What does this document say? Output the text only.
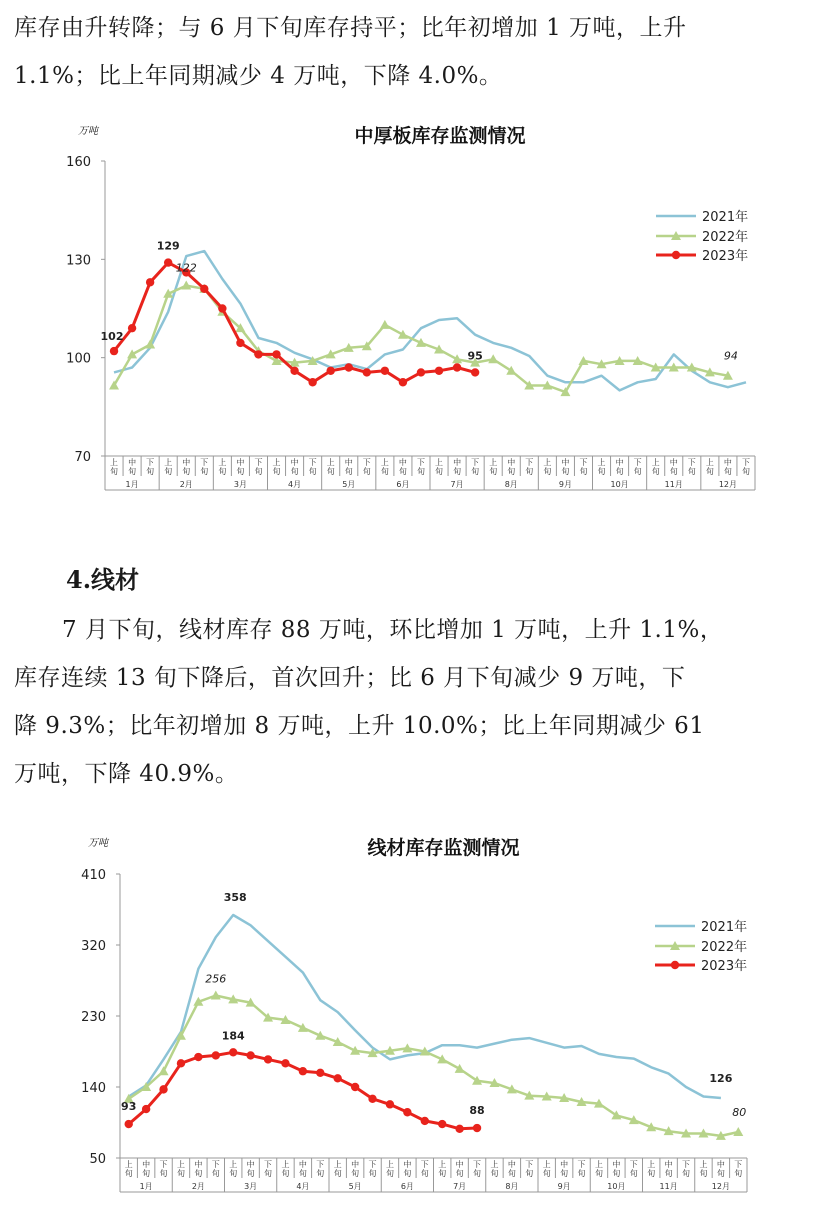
库存由升转降；与 6 月下旬库存持平；比年初增加 1 万吨，上升
1.1%；比上年同期减少 4 万吨，下降 4.0%。

中厚板库存监测情况
万吨
160
130
100
70 上旬
中旬
下旬
上旬
中旬
下旬
上旬
中旬
下旬
上旬
中旬
下旬
上旬
中旬
下旬
上旬
中旬
下旬
上旬
中旬
下旬
上旬
中旬
下旬
上旬
中旬
下旬
上旬
中旬
下旬
上旬
中旬
下旬
上旬
中旬
下旬
1月	2月	3月	4月	5月	6月	7月	8月	9月	10月	11月	12月
102
129
122
95	94
2021年
2022年
2023年
4.线材

7 月下旬，线材库存 88 万吨，环比增加 1 万吨，上升 1.1%，
库存连续 13 旬下降后，首次回升；比 6 月下旬减少 9 万吨，下
降 9.3%；比年初增加 8 万吨，上升 10.0%；比上年同期减少 61
万吨，下降 40.9%。

线材库存监测情况
万吨
410
320
230
140
50 上旬
中旬
下旬
上旬
中旬
下旬
上旬
中旬
下旬
上旬
中旬
下旬
上旬
中旬
下旬
上旬
中旬
下旬
上旬
中旬
下旬
上旬
中旬
下旬
上旬
中旬
下旬
上旬
中旬
下旬
上旬
中旬
下旬
上旬
中旬
下旬
1月	2月	3月	4月	5月	6月	7月	8月	9月	10月	11月	12月
93
358
256
184
88
126
80
2021年
2022年
2023年
